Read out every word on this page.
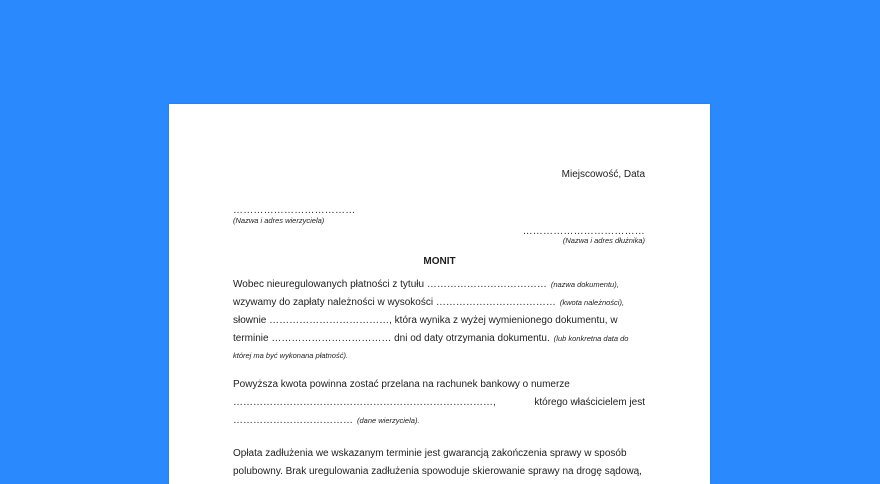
Miejscowość, Data
………………………………
(Nazwa i adres wierzyciela)
………………………………
(Nazwa i adres dłużnika)
MONIT
Wobec nieuregulowanych płatności z tytułu ……………………………… (nazwa dokumentu),
wzywamy do zapłaty należności w wysokości ……………………………… (kwota należności),
słownie ………………………………, która wynika z wyżej wymienionego dokumentu, w
terminie ……………………………… dni od daty otrzymania dokumentu. (lub konkretna data do
której ma być wykonana płatność).
Powyższa kwota powinna zostać przelana na rachunek bankowy o numerze
……………………………………………………………………,	którego właścicielem jest
……………………………… (dane wierzyciela).
Opłata zadłużenia we wskazanym terminie jest gwarancją zakończenia sprawy w sposób
polubowny. Brak uregulowania zadłużenia spowoduje skierowanie sprawy na drogę sądową,
